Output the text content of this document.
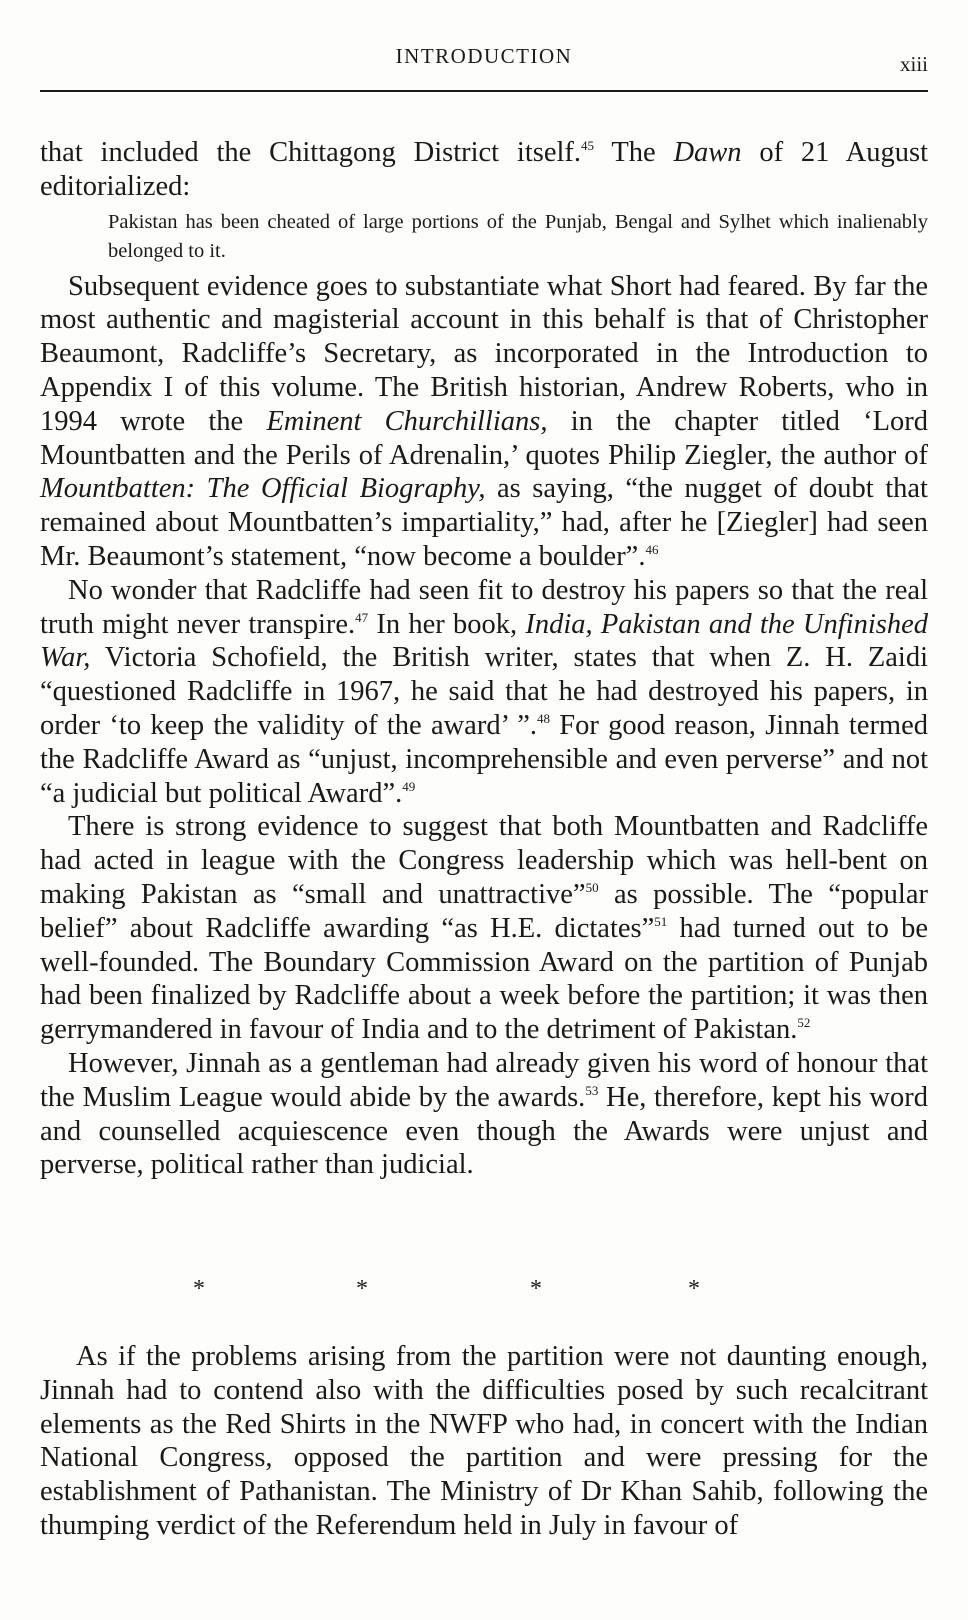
INTRODUCTION	xiii

that included the Chittagong District itself.$^{45}$ The Dawn of 21 August editorialized:

Pakistan has been cheated of large portions of the Punjab, Bengal and Sylhet which inalienably belonged to it.

Subsequent evidence goes to substantiate what Short had feared. By far the most authentic and magisterial account in this behalf is that of Christopher Beaumont, Radcliffe’s Secretary, as incorporated in the Introduction to Appendix I of this volume. The British historian, Andrew Roberts, who in 1994 wrote the Eminent Churchillians, in the chapter titled ‘Lord Mountbatten and the Perils of Adrenalin,’ quotes Philip Ziegler, the author of Mountbatten: The Official Biography, as saying, “the nugget of doubt that remained about Mountbatten’s impartiality,” had, after he [Ziegler] had seen Mr. Beaumont’s statement, “now become a boulder”.$^{46}$

No wonder that Radcliffe had seen fit to destroy his papers so that the real truth might never transpire.$^{47}$ In her book, India, Pakistan and the Unfinished War, Victoria Schofield, the British writer, states that when Z. H. Zaidi “questioned Radcliffe in 1967, he said that he had destroyed his papers, in order ‘to keep the validity of the award’ ”.$^{48}$ For good reason, Jinnah termed the Radcliffe Award as “unjust, incomprehensible and even perverse” and not “a judicial but political Award”.$^{49}$

There is strong evidence to suggest that both Mountbatten and Radcliffe had acted in league with the Congress leadership which was hell-bent on making Pakistan as “small and unattractive”$^{50}$ as possible. The “popular belief” about Radcliffe awarding “as H.E. dictates”$^{51}$ had turned out to be well-founded. The Boundary Commission Award on the partition of Punjab had been finalized by Radcliffe about a week before the partition; it was then gerrymandered in favour of India and to the detriment of Pakistan.$^{52}$

However, Jinnah as a gentleman had already given his word of honour that the Muslim League would abide by the awards.$^{53}$ He, therefore, kept his word and counselled acquiescence even though the Awards were unjust and perverse, political rather than judicial.

*	*	*	*

As if the problems arising from the partition were not daunting enough, Jinnah had to contend also with the difficulties posed by such recalcitrant elements as the Red Shirts in the NWFP who had, in concert with the Indian National Congress, opposed the partition and were pressing for the establishment of Pathanistan. The Ministry of Dr Khan Sahib, following the thumping verdict of the Referendum held in July in favour of
